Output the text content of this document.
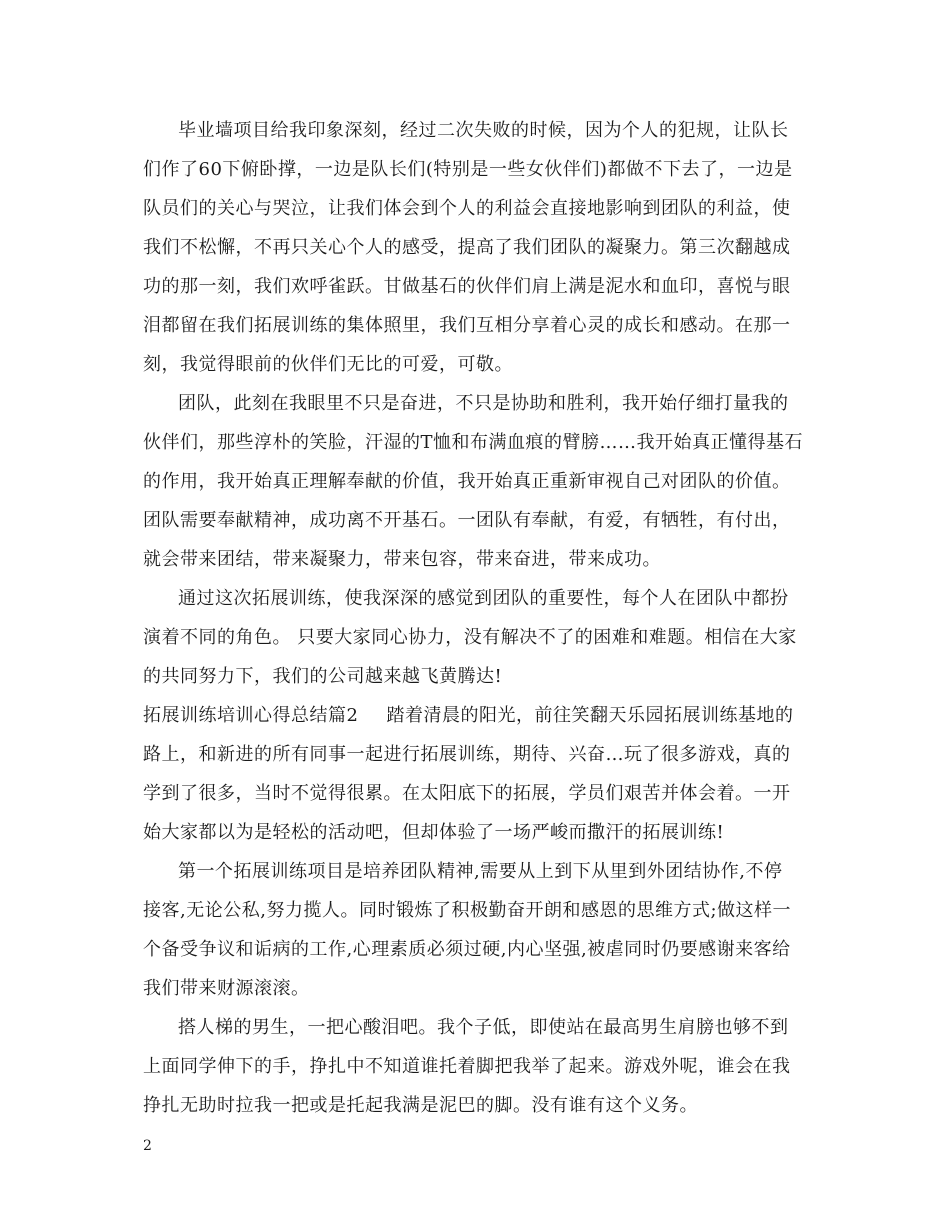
毕业墙项目给我印象深刻，经过二次失败的时候，因为个人的犯规，让队长
们作了60下俯卧撑，一边是队长们(特别是一些女伙伴们)都做不下去了，一边是
队员们的关心与哭泣，让我们体会到个人的利益会直接地影响到团队的利益，使
我们不松懈，不再只关心个人的感受，提高了我们团队的凝聚力。第三次翻越成
功的那一刻，我们欢呼雀跃。甘做基石的伙伴们肩上满是泥水和血印，喜悦与眼
泪都留在我们拓展训练的集体照里，我们互相分享着心灵的成长和感动。在那一
刻，我觉得眼前的伙伴们无比的可爱，可敬。
团队，此刻在我眼里不只是奋进，不只是协助和胜利，我开始仔细打量我的
伙伴们，那些淳朴的笑脸，汗湿的T恤和布满血痕的臂膀……我开始真正懂得基石
的作用，我开始真正理解奉献的价值，我开始真正重新审视自己对团队的价值。
团队需要奉献精神，成功离不开基石。一团队有奉献，有爱，有牺牲，有付出，
就会带来团结，带来凝聚力，带来包容，带来奋进，带来成功。
通过这次拓展训练，使我深深的感觉到团队的重要性，每个人在团队中都扮
演着不同的角色。 只要大家同心协力，没有解决不了的困难和难题。相信在大家
的共同努力下，我们的公司越来越飞黄腾达!
拓展训练培训心得总结篇2 踏着清晨的阳光，前往笑翻天乐园拓展训练基地的
路上，和新进的所有同事一起进行拓展训练，期待、兴奋…玩了很多游戏，真的
学到了很多，当时不觉得很累。在太阳底下的拓展，学员们艰苦并体会着。一开
始大家都以为是轻松的活动吧，但却体验了一场严峻而撒汗的拓展训练!
第一个拓展训练项目是培养团队精神,需要从上到下从里到外团结协作,不停
接客,无论公私,努力揽人。同时锻炼了积极勤奋开朗和感恩的思维方式;做这样一
个备受争议和诟病的工作,心理素质必须过硬,内心坚强,被虐同时仍要感谢来客给
我们带来财源滚滚。
搭人梯的男生，一把心酸泪吧。我个子低，即使站在最高男生肩膀也够不到
上面同学伸下的手，挣扎中不知道谁托着脚把我举了起来。游戏外呢，谁会在我
挣扎无助时拉我一把或是托起我满是泥巴的脚。没有谁有这个义务。
2
